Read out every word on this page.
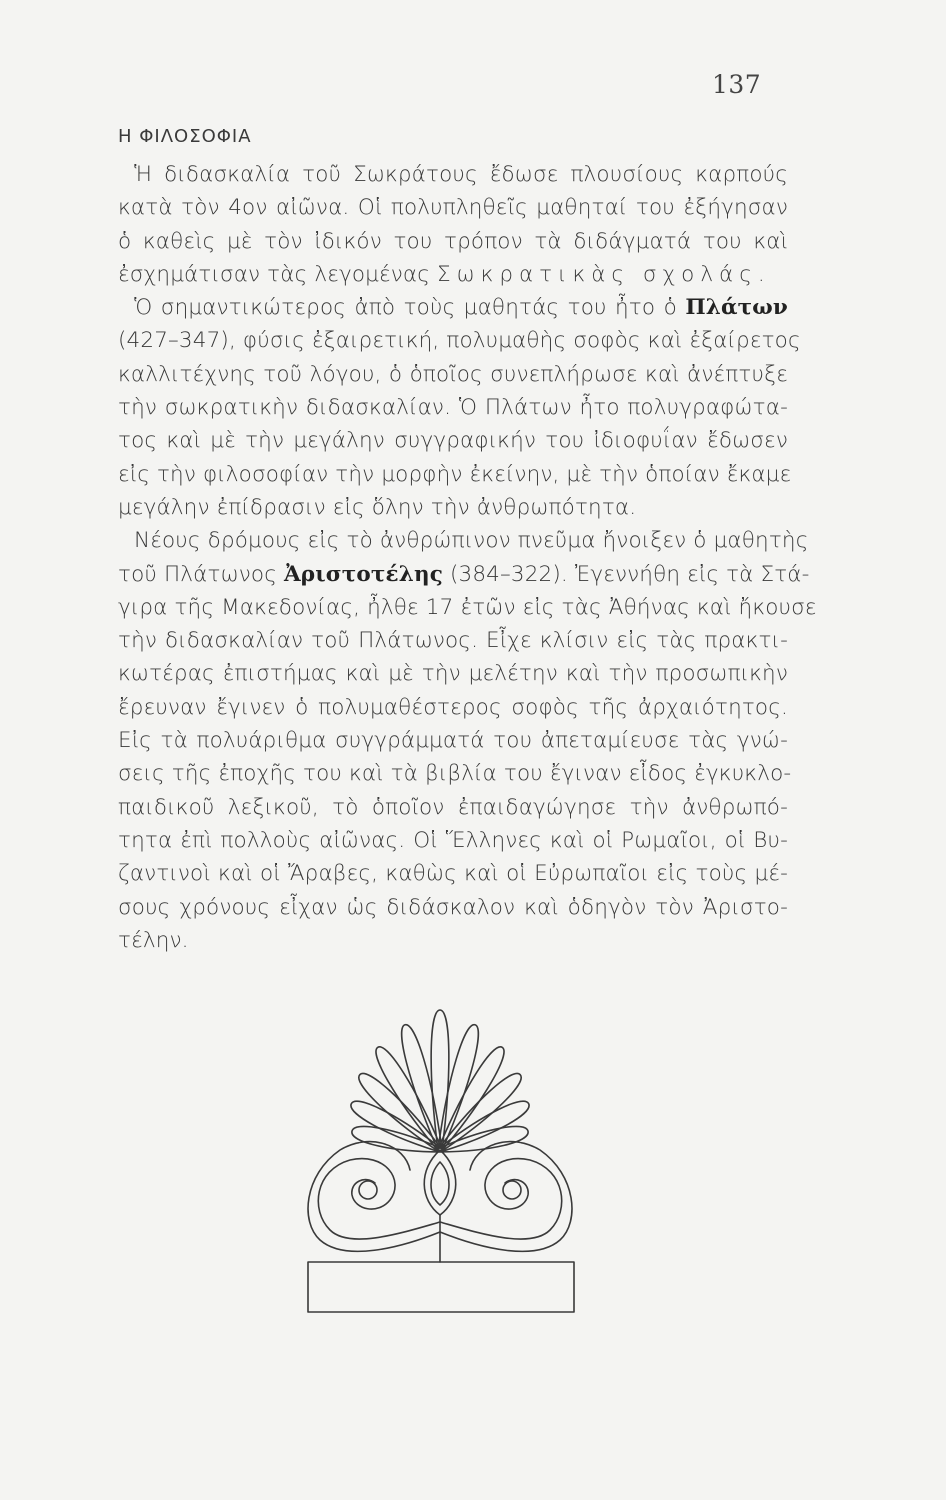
137
Η ΦΙΛΟΣΟΦΙΑ
Ἡ διδασκαλία τοῦ Σωκράτους ἔδωσε πλουσίους καρπούς
κατὰ τὸν 4ον αἰῶνα. Οἱ πολυπληθεῖς μαθηταί του ἐξήγησαν
ὁ καθεὶς μὲ τὸν ἰδικόν του τρόπον τὰ διδάγματά του καὶ
ἐσχημάτισαν τὰς λεγομένας Σωκρατικὰς σχολάς.
Ὁ σημαντικώτερος ἀπὸ τοὺς μαθητάς του ἦτο ὁ Πλάτων
(427–347), φύσις ἐξαιρετική, πολυμαθὴς σοφὸς καὶ ἐξαίρετος
καλλιτέχνης τοῦ λόγου, ὁ ὁποῖος συνεπλήρωσε καὶ ἀνέπτυξε
τὴν σωκρατικὴν διδασκαλίαν. Ὁ Πλάτων ἦτο πολυγραφώτα-
τος καὶ μὲ τὴν μεγάλην συγγραφικήν του ἰδιοφυΐαν ἔδωσεν
εἰς τὴν φιλοσοφίαν τὴν μορφὴν ἐκείνην, μὲ τὴν ὁποίαν ἔκαμε
μεγάλην ἐπίδρασιν εἰς ὅλην τὴν ἀνθρωπότητα.
Νέους δρόμους εἰς τὸ ἀνθρώπινον πνεῦμα ἤνοιξεν ὁ μαθητὴς
τοῦ Πλάτωνος Ἀριστοτέλης (384–322). Ἐγεννήθη εἰς τὰ Στά-
γιρα τῆς Μακεδονίας, ἦλθε 17 ἐτῶν εἰς τὰς Ἀθήνας καὶ ἤκουσε
τὴν διδασκαλίαν τοῦ Πλάτωνος. Εἶχε κλίσιν εἰς τὰς πρακτι-
κωτέρας ἐπιστήμας καὶ μὲ τὴν μελέτην καὶ τὴν προσωπικὴν
ἔρευναν ἔγινεν ὁ πολυμαθέστερος σοφὸς τῆς ἀρχαιότητος.
Εἰς τὰ πολυάριθμα συγγράμματά του ἀπεταμίευσε τὰς γνώ-
σεις τῆς ἐποχῆς του καὶ τὰ βιβλία του ἔγιναν εἶδος ἐγκυκλο-
παιδικοῦ λεξικοῦ, τὸ ὁποῖον ἐπαιδαγώγησε τὴν ἀνθρωπό-
τητα ἐπὶ πολλοὺς αἰῶνας. Οἱ Ἕλληνες καὶ οἱ Ρωμαῖοι, οἱ Βυ-
ζαντινοὶ καὶ οἱ Ἄραβες, καθὼς καὶ οἱ Εὐρωπαῖοι εἰς τοὺς μέ-
σους χρόνους εἶχαν ὡς διδάσκαλον καὶ ὁδηγὸν τὸν Ἀριστο-
τέλην.
